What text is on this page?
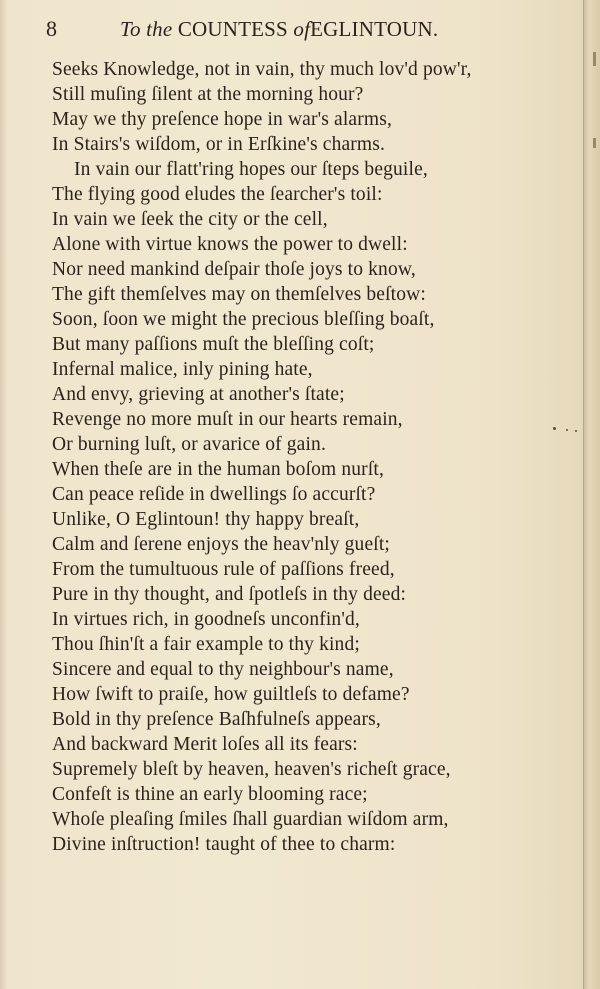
8	To the COUNTESS ofEGLINTOUN.
Seeks Knowledge, not in vain, thy much lov'd pow'r,
Still muſing ſilent at the morning hour?
May we thy preſence hope in war's alarms,
In Stairs's wiſdom, or in Erſkine's charms.
In vain our flatt'ring hopes our ſteps beguile,
The flying good eludes the ſearcher's toil:
In vain we ſeek the city or the cell,
Alone with virtue knows the power to dwell:
Nor need mankind deſpair thoſe joys to know,
The gift themſelves may on themſelves beſtow:
Soon, ſoon we might the precious bleſſing boaſt,
But many paſſions muſt the bleſſing coſt;
Infernal malice, inly pining hate,
And envy, grieving at another's ſtate;
Revenge no more muſt in our hearts remain,
Or burning luſt, or avarice of gain.
When theſe are in the human boſom nurſt,
Can peace reſide in dwellings ſo accurſt?
Unlike, O Eglintoun! thy happy breaſt,
Calm and ſerene enjoys the heav'nly gueſt;
From the tumultuous rule of paſſions freed,
Pure in thy thought, and ſpotleſs in thy deed:
In virtues rich, in goodneſs unconfin'd,
Thou ſhin'ſt a fair example to thy kind;
Sincere and equal to thy neighbour's name,
How ſwift to praiſe, how guiltleſs to defame?
Bold in thy preſence Baſhfulneſs appears,
And backward Merit loſes all its fears:
Supremely bleſt by heaven, heaven's richeſt grace,
Confeſt is thine an early blooming race;
Whoſe pleaſing ſmiles ſhall guardian wiſdom arm,
Divine inſtruction! taught of thee to charm:
